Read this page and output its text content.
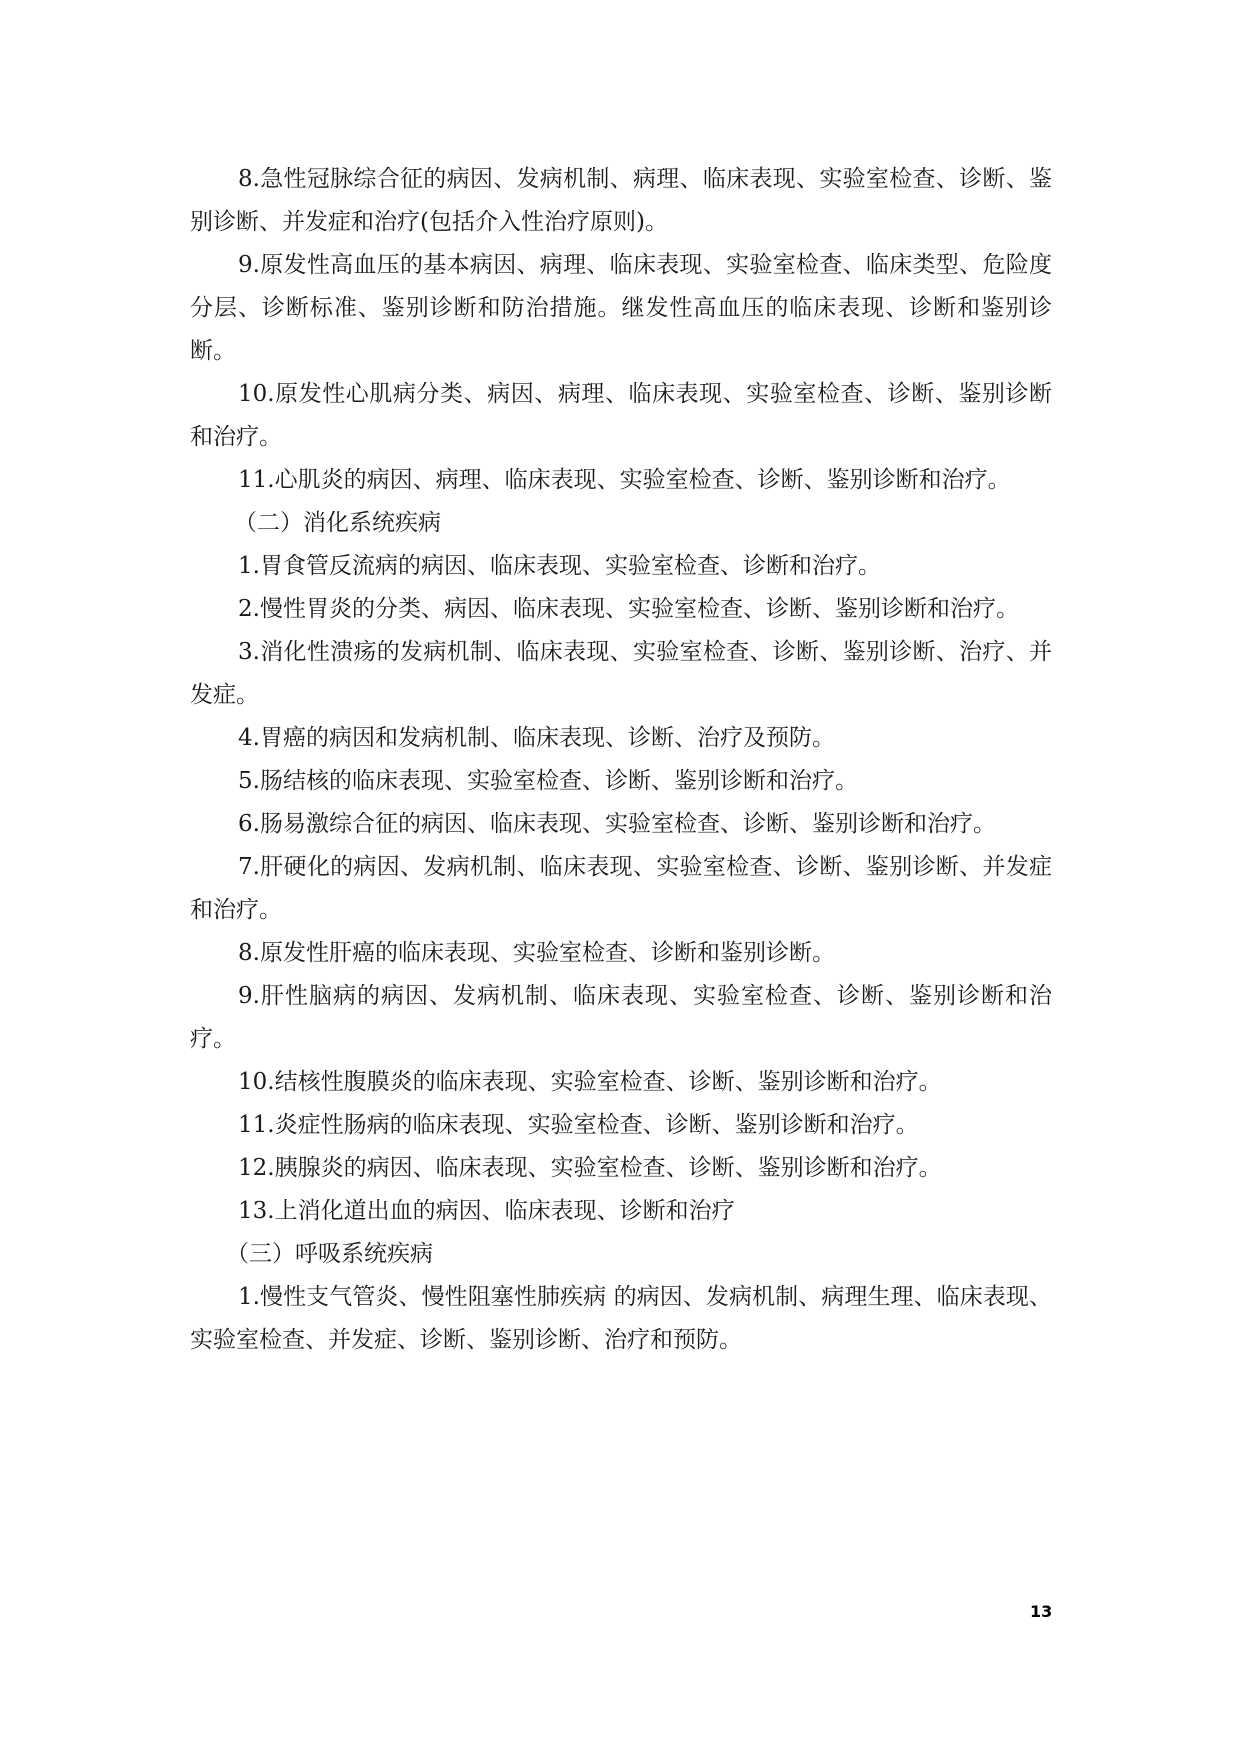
8.急性冠脉综合征的病因、发病机制、病理、临床表现、实验室检查、诊断、鉴别诊断、并发症和治疗(包括介入性治疗原则)。

9.原发性高血压的基本病因、病理、临床表现、实验室检查、临床类型、危险度分层、诊断标准、鉴别诊断和防治措施。继发性高血压的临床表现、诊断和鉴别诊断。

10.原发性心肌病分类、病因、病理、临床表现、实验室检查、诊断、鉴别诊断和治疗。

11.心肌炎的病因、病理、临床表现、实验室检查、诊断、鉴别诊断和治疗。

（二）消化系统疾病

1.胃食管反流病的病因、临床表现、实验室检查、诊断和治疗。

2.慢性胃炎的分类、病因、临床表现、实验室检查、诊断、鉴别诊断和治疗。

3.消化性溃疡的发病机制、临床表现、实验室检查、诊断、鉴别诊断、治疗、并发症。

4.胃癌的病因和发病机制、临床表现、诊断、治疗及预防。

5.肠结核的临床表现、实验室检查、诊断、鉴别诊断和治疗。

6.肠易激综合征的病因、临床表现、实验室检查、诊断、鉴别诊断和治疗。

7.肝硬化的病因、发病机制、临床表现、实验室检查、诊断、鉴别诊断、并发症和治疗。

8.原发性肝癌的临床表现、实验室检查、诊断和鉴别诊断。

9.肝性脑病的病因、发病机制、临床表现、实验室检查、诊断、鉴别诊断和治疗。

10.结核性腹膜炎的临床表现、实验室检查、诊断、鉴别诊断和治疗。

11.炎症性肠病的临床表现、实验室检查、诊断、鉴别诊断和治疗。

12.胰腺炎的病因、临床表现、实验室检查、诊断、鉴别诊断和治疗。

13.上消化道出血的病因、临床表现、诊断和治疗

（三）呼吸系统疾病

1.慢性支气管炎、慢性阻塞性肺疾病 的病因、发病机制、病理生理、临床表现、实验室检查、并发症、诊断、鉴别诊断、治疗和预防。

13
